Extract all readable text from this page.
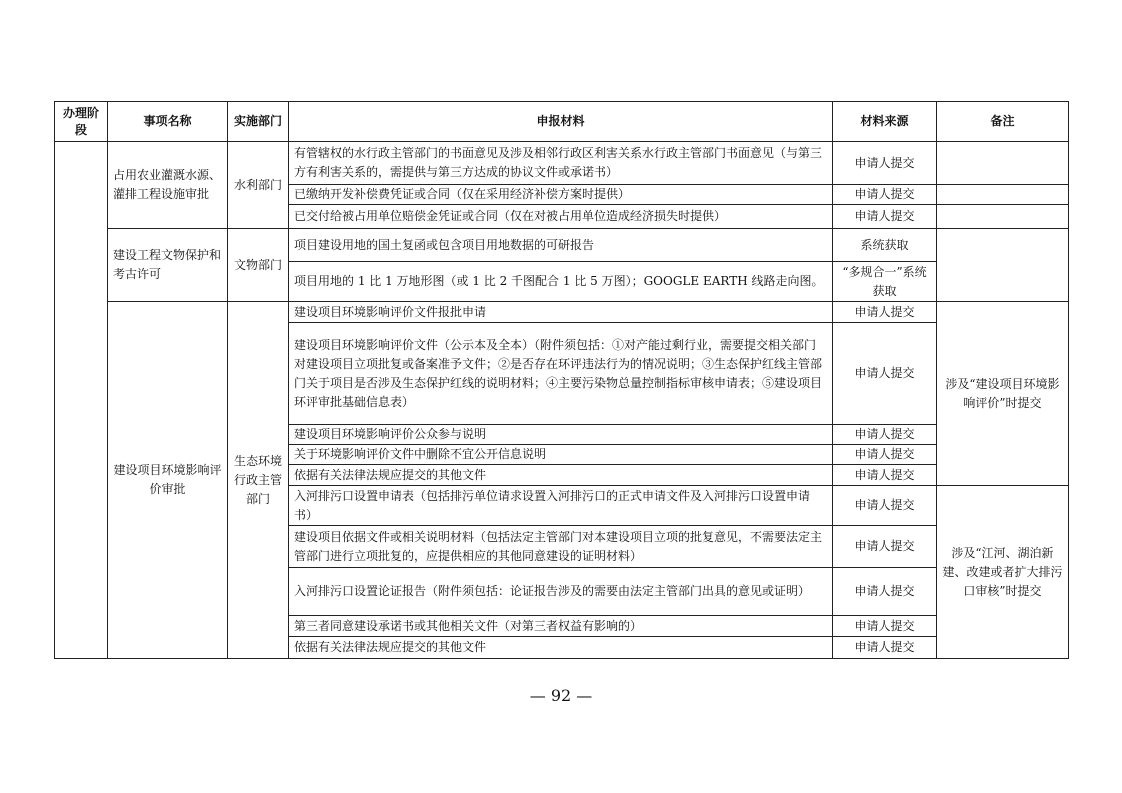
办理阶段	事项名称	实施部门	申报材料	材料来源	备注
	占用农业灌溉水源、灌排工程设施审批	水利部门	有管辖权的水行政主管部门的书面意见及涉及相邻行政区利害关系水行政主管部门书面意见（与第三方有利害关系的，需提供与第三方达成的协议文件或承诺书）	申请人提交	
			已缴纳开发补偿费凭证或合同（仅在采用经济补偿方案时提供）	申请人提交	
			已交付给被占用单位赔偿金凭证或合同（仅在对被占用单位造成经济损失时提供）	申请人提交	
	建设工程文物保护和考古许可	文物部门	项目建设用地的国土复函或包含项目用地数据的可研报告	系统获取	
			项目用地的 1 比 1 万地形图（或 1 比 2 千图配合 1 比 5 万图）；GOOGLE EARTH 线路走向图。	“多规合一”系统获取	
	建设项目环境影响评价审批	生态环境行政主管部门	建设项目环境影响评价文件报批申请	申请人提交	涉及“建设项目环境影响评价”时提交
			建设项目环境影响评价文件（公示本及全本）（附件须包括：①对产能过剩行业，需要提交相关部门对建设项目立项批复或备案准予文件；②是否存在环评违法行为的情况说明；③生态保护红线主管部门关于项目是否涉及生态保护红线的说明材料；④主要污染物总量控制指标审核申请表；⑤建设项目环评审批基础信息表）	申请人提交	
			建设项目环境影响评价公众参与说明	申请人提交	
			关于环境影响评价文件中删除不宜公开信息说明	申请人提交	
			依据有关法律法规应提交的其他文件	申请人提交	
			入河排污口设置申请表（包括排污单位请求设置入河排污口的正式申请文件及入河排污口设置申请书）	申请人提交	涉及“江河、湖泊新建、改建或者扩大排污口审核”时提交
			建设项目依据文件或相关说明材料（包括法定主管部门对本建设项目立项的批复意见，不需要法定主管部门进行立项批复的，应提供相应的其他同意建设的证明材料）	申请人提交	
			入河排污口设置论证报告（附件须包括：论证报告涉及的需要由法定主管部门出具的意见或证明）	申请人提交	
			第三者同意建设承诺书或其他相关文件（对第三者权益有影响的）	申请人提交	
			依据有关法律法规应提交的其他文件	申请人提交	
— 92 —
